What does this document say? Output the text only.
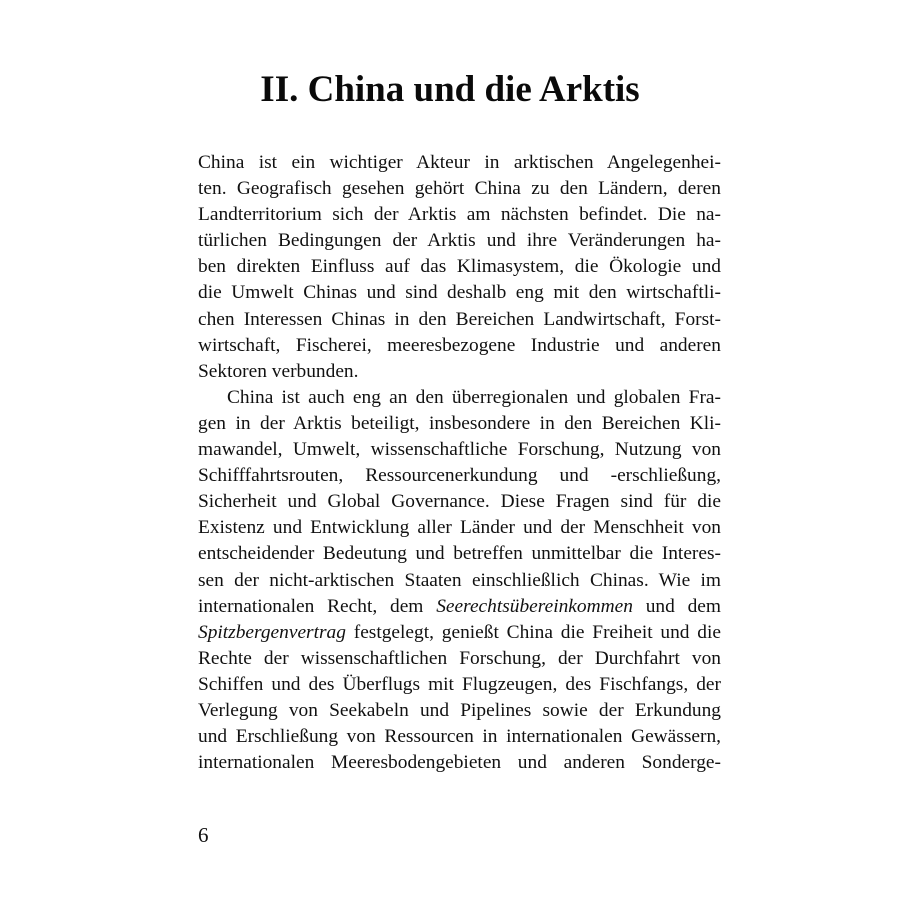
II. China und die Arktis

China ist ein wichtiger Akteur in arktischen Angelegenhei-
ten. Geografisch gesehen gehört China zu den Ländern, deren
Landterritorium sich der Arktis am nächsten befindet. Die na-
türlichen Bedingungen der Arktis und ihre Veränderungen ha-
ben direkten Einfluss auf das Klimasystem, die Ökologie und
die Umwelt Chinas und sind deshalb eng mit den wirtschaftli-
chen Interessen Chinas in den Bereichen Landwirtschaft, Forst-
wirtschaft, Fischerei, meeresbezogene Industrie und anderen
Sektoren verbunden.

China ist auch eng an den überregionalen und globalen Fra-
gen in der Arktis beteiligt, insbesondere in den Bereichen Kli-
mawandel, Umwelt, wissenschaftliche Forschung, Nutzung von
Schifffahrtsrouten, Ressourcenerkundung und -erschließung,
Sicherheit und Global Governance. Diese Fragen sind für die
Existenz und Entwicklung aller Länder und der Menschheit von
entscheidender Bedeutung und betreffen unmittelbar die Interes-
sen der nicht-arktischen Staaten einschließlich Chinas. Wie im
internationalen Recht, dem Seerechtsübereinkommen und dem
Spitzbergenvertrag festgelegt, genießt China die Freiheit und die
Rechte der wissenschaftlichen Forschung, der Durchfahrt von
Schiffen und des Überflugs mit Flugzeugen, des Fischfangs, der
Verlegung von Seekabeln und Pipelines sowie der Erkundung
und Erschließung von Ressourcen in internationalen Gewässern,
internationalen Meeresbodengebieten und anderen Sonderge-

6
